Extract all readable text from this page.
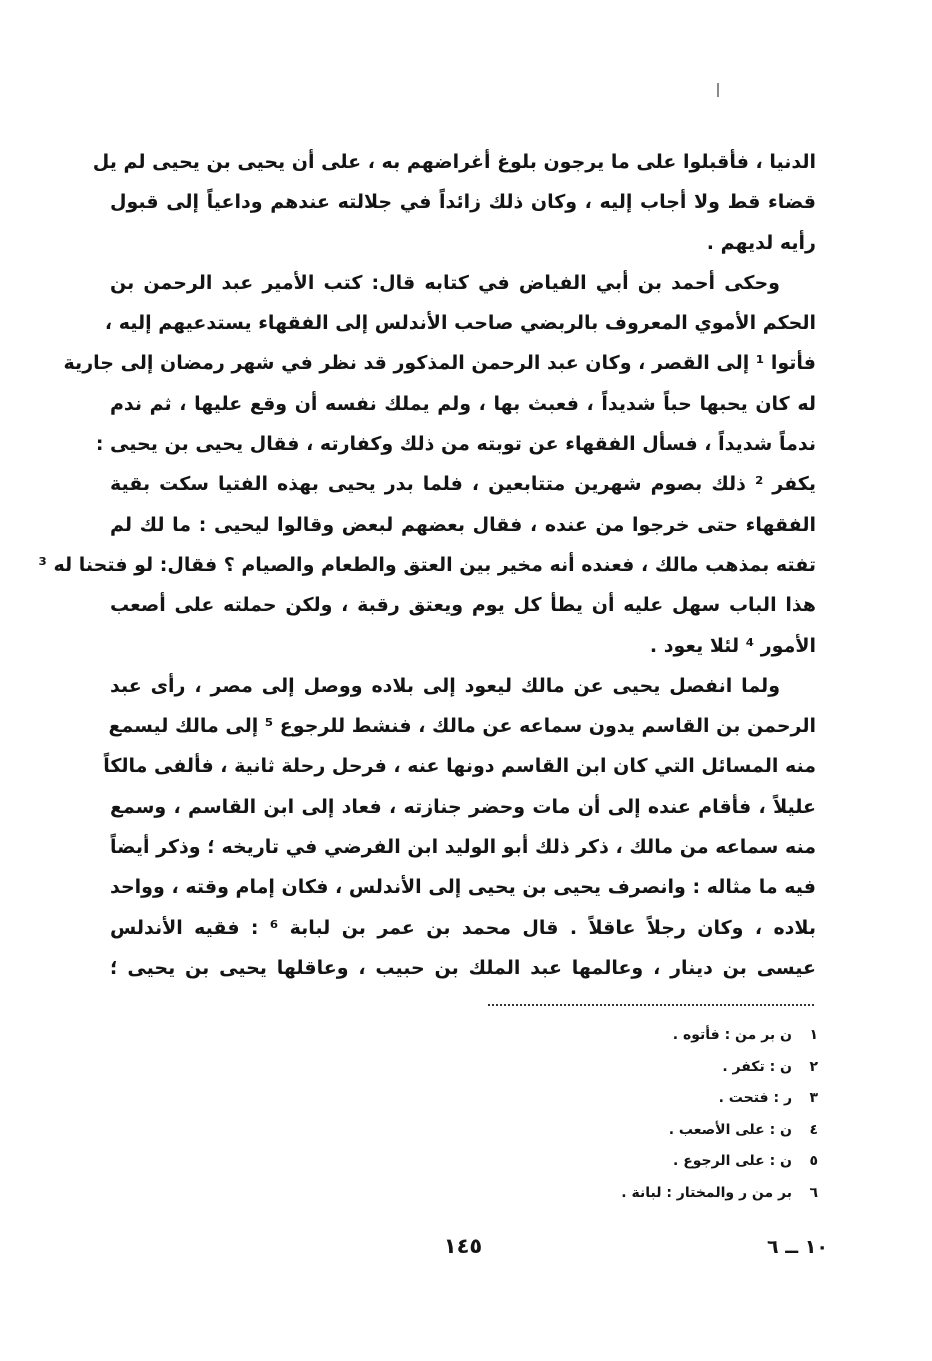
الدنيا ، فأقبلوا على ما يرجون بلوغ أغراضهم به ، على أن يحيى بن يحيى لم يل
قضاء قط ولا أجاب إليه ، وكان ذلك زائداً في جلالته عندهم وداعياً إلى قبول
رأيه لديهم .
وحكى أحمد بن أبي الفياض في كتابه قال: كتب الأمير عبد الرحمن بن
الحكم الأموي المعروف بالربضي صاحب الأندلس إلى الفقهاء يستدعيهم إليه ،
فأتوا ¹ إلى القصر ، وكان عبد الرحمن المذكور قد نظر في شهر رمضان إلى جارية
له كان يحبها حباً شديداً ، فعبث بها ، ولم يملك نفسه أن وقع عليها ، ثم ندم
ندماً شديداً ، فسأل الفقهاء عن توبته من ذلك وكفارته ، فقال يحيى بن يحيى :
يكفر ² ذلك بصوم شهرين متتابعين ، فلما بدر يحيى بهذه الفتيا سكت بقية
الفقهاء حتى خرجوا من عنده ، فقال بعضهم لبعض وقالوا ليحيى : ما لك لم
تفته بمذهب مالك ، فعنده أنه مخير بين العتق والطعام والصيام ؟ فقال: لو فتحنا له ³
هذا الباب سهل عليه أن يطأ كل يوم ويعتق رقبة ، ولكن حملته على أصعب
الأمور ⁴ لئلا يعود .
ولما انفصل يحيى عن مالك ليعود إلى بلاده ووصل إلى مصر ، رأى عبد
الرحمن بن القاسم يدون سماعه عن مالك ، فنشط للرجوع ⁵ إلى مالك ليسمع
منه المسائل التي كان ابن القاسم دونها عنه ، فرحل رحلة ثانية ، فألفى مالكاً
عليلاً ، فأقام عنده إلى أن مات وحضر جنازته ، فعاد إلى ابن القاسم ، وسمع
منه سماعه من مالك ، ذكر ذلك أبو الوليد ابن الفرضي في تاريخه ؛ وذكر أيضاً
فيه ما مثاله : وانصرف يحيى بن يحيى إلى الأندلس ، فكان إمام وقته ، وواحد
بلاده ، وكان رجلاً عاقلاً . قال محمد بن عمر بن لبابة ⁶ : فقيه الأندلس
عيسى بن دينار ، وعالمها عبد الملك بن حبيب ، وعاقلها يحيى بن يحيى ؛
١ن بر من : فأتوه .
٢ن : تكفر .
٣ر : فتحت .
٤ن : على الأصعب .
٥ن : على الرجوع .
٦بر من ر والمختار : لبانة .
١٤٥	١٠ ــ ٦
